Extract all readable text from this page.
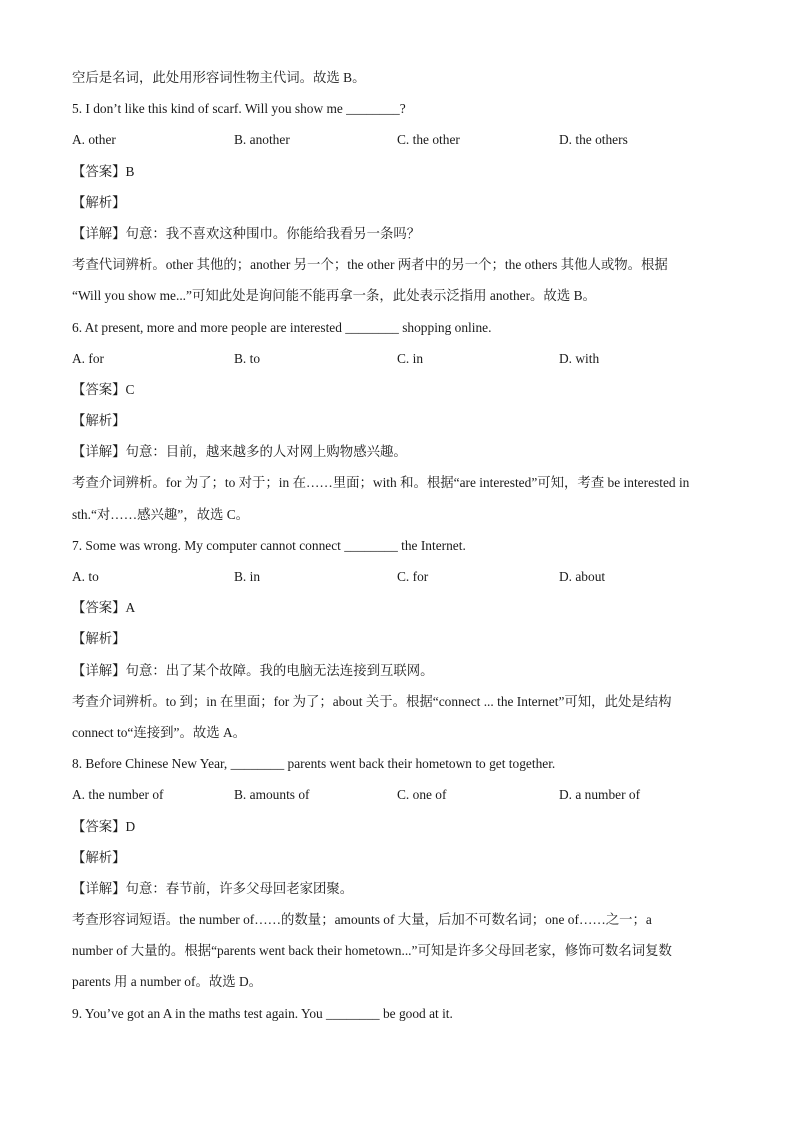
空后是名词，此处用形容词性物主代词。故选 B。
5. I don’t like this kind of scarf. Will you show me ________?
A. other	B. another	C. the other	D. the others
【答案】B
【解析】
【详解】句意：我不喜欢这种围巾。你能给我看另一条吗？
考查代词辨析。other 其他的；another 另一个；the other 两者中的另一个；the others 其他人或物。根据
“Will you show me...”可知此处是询问能不能再拿一条，此处表示泛指用 another。故选 B。
6. At present, more and more people are interested ________ shopping online.
A. for	B. to	C. in	D. with
【答案】C
【解析】
【详解】句意：目前，越来越多的人对网上购物感兴趣。
考查介词辨析。for 为了；to 对于；in 在……里面；with 和。根据“are interested”可知，考查 be interested in
sth.“对……感兴趣”，故选 C。
7. Some was wrong. My computer cannot connect ________ the Internet.
A. to	B. in	C. for	D. about
【答案】A
【解析】
【详解】句意：出了某个故障。我的电脑无法连接到互联网。
考查介词辨析。to 到；in 在里面；for 为了；about 关于。根据“connect ... the Internet”可知，此处是结构
connect to“连接到”。故选 A。
8. Before Chinese New Year, ________ parents went back their hometown to get together.
A. the number of	B. amounts of	C. one of	D. a number of
【答案】D
【解析】
【详解】句意：春节前，许多父母回老家团聚。
考查形容词短语。the number of……的数量；amounts of 大量，后加不可数名词；one of……之一；a
number of 大量的。根据“parents went back their hometown...”可知是许多父母回老家，修饰可数名词复数
parents 用 a number of。故选 D。
9. You’ve got an A in the maths test again. You ________ be good at it.
